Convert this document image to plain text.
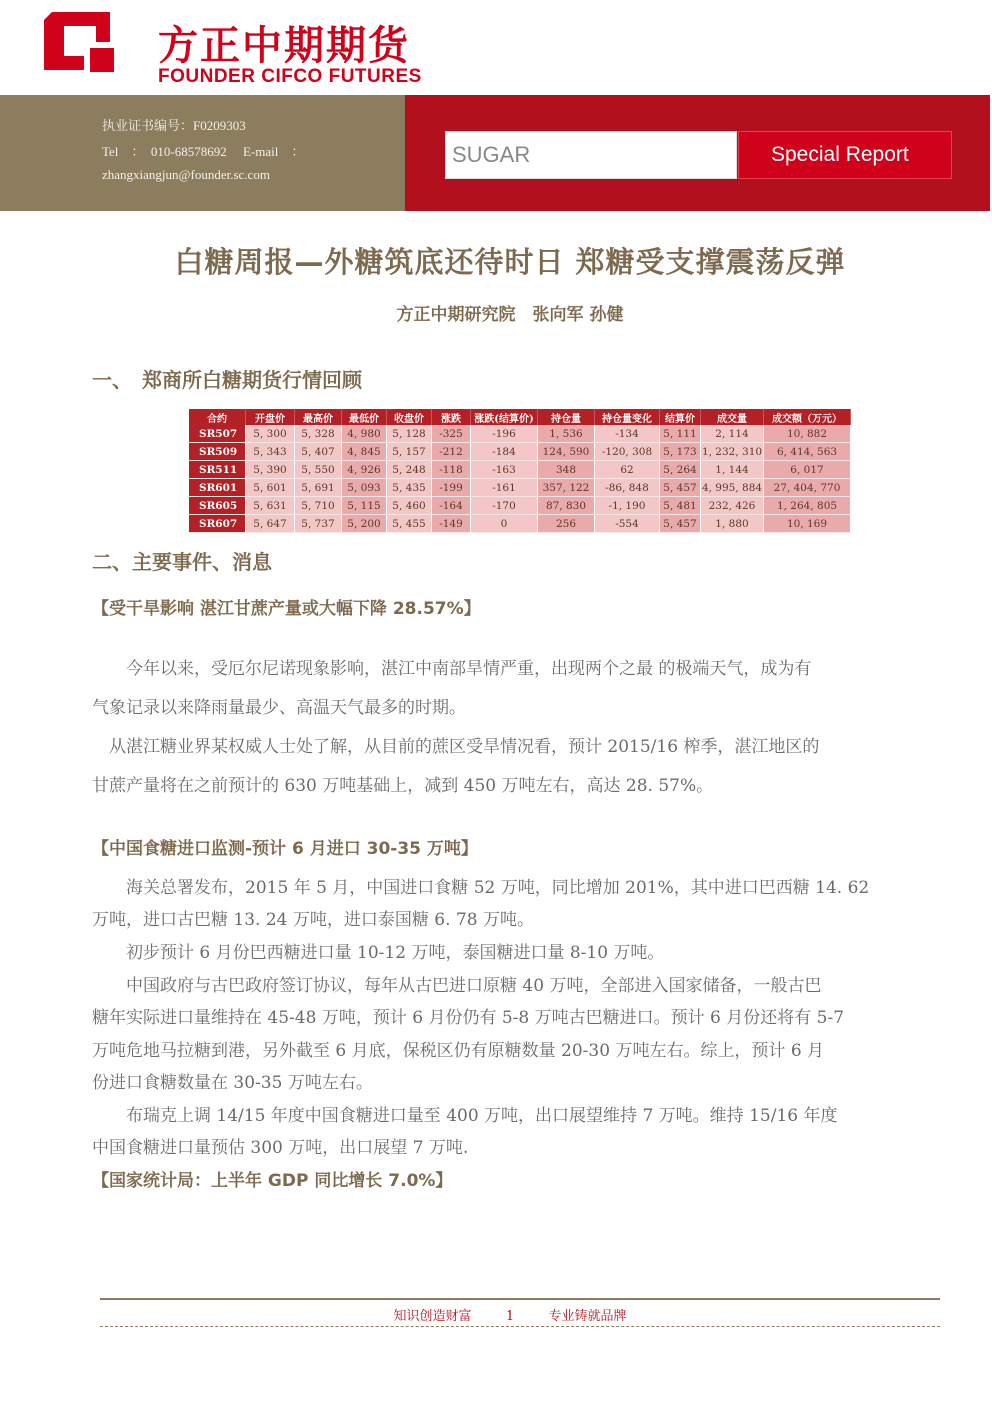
方正中期期货
FOUNDER CIFCO FUTURES
执业证书编号：F0209303
Tel　：　010-68578692　 E-mail　：
zhangxiangjun@founder.sc.com
SUGAR	Special Report
白糖周报—外糖筑底还待时日 郑糖受支撑震荡反弹
方正中期研究院　张向军 孙健
一、　郑商所白糖期货行情回顾
合约	开盘价	最高价	最低价	收盘价	涨跌	涨跌(结算价)	持仓量	持仓量变化	结算价	成交量	成交额（万元）
SR507	5, 300	5, 328	4, 980	5, 128	-325	-196	1, 536	-134	5, 111	2, 114	10, 882
SR509	5, 343	5, 407	4, 845	5, 157	-212	-184	124, 590	-120, 308	5, 173	1, 232, 310	6, 414, 563
SR511	5, 390	5, 550	4, 926	5, 248	-118	-163	348	62	5, 264	1, 144	6, 017
SR601	5, 601	5, 691	5, 093	5, 435	-199	-161	357, 122	-86, 848	5, 457	4, 995, 884	27, 404, 770
SR605	5, 631	5, 710	5, 115	5, 460	-164	-170	87, 830	-1, 190	5, 481	232, 426	1, 264, 805
SR607	5, 647	5, 737	5, 200	5, 455	-149	0	256	-554	5, 457	1, 880	10, 169
二、主要事件、消息
【受干旱影响 湛江甘蔗产量或大幅下降 28.57%】
　　今年以来，受厄尔尼诺现象影响，湛江中南部旱情严重，出现两个之最 的极端天气，成为有
气象记录以来降雨量最少、高温天气最多的时期。
　从湛江糖业界某权威人士处了解，从目前的蔗区受旱情况看，预计 2015/16 榨季，湛江地区的
甘蔗产量将在之前预计的 630 万吨基础上，减到 450 万吨左右，高达 28. 57%。
【中国食糖进口监测-预计 6 月进口 30-35 万吨】
　　海关总署发布，2015 年 5 月，中国进口食糖 52 万吨，同比增加 201%，其中进口巴西糖 14. 62
万吨，进口古巴糖 13. 24 万吨，进口泰国糖 6. 78 万吨。
　　初步预计 6 月份巴西糖进口量 10-12 万吨，泰国糖进口量 8-10 万吨。
　　中国政府与古巴政府签订协议，每年从古巴进口原糖 40 万吨，全部进入国家储备，一般古巴
糖年实际进口量维持在 45-48 万吨，预计 6 月份仍有 5-8 万吨古巴糖进口。预计 6 月份还将有 5-7
万吨危地马拉糖到港，另外截至 6 月底，保税区仍有原糖数量 20-30 万吨左右。综上，预计 6 月
份进口食糖数量在 30-35 万吨左右。
　　布瑞克上调 14/15 年度中国食糖进口量至 400 万吨，出口展望维持 7 万吨。维持 15/16 年度
中国食糖进口量预估 300 万吨，出口展望 7 万吨.
【国家统计局：上半年 GDP 同比增长 7.0%】
知识创造财富 　　	1 　　	专业铸就品牌
